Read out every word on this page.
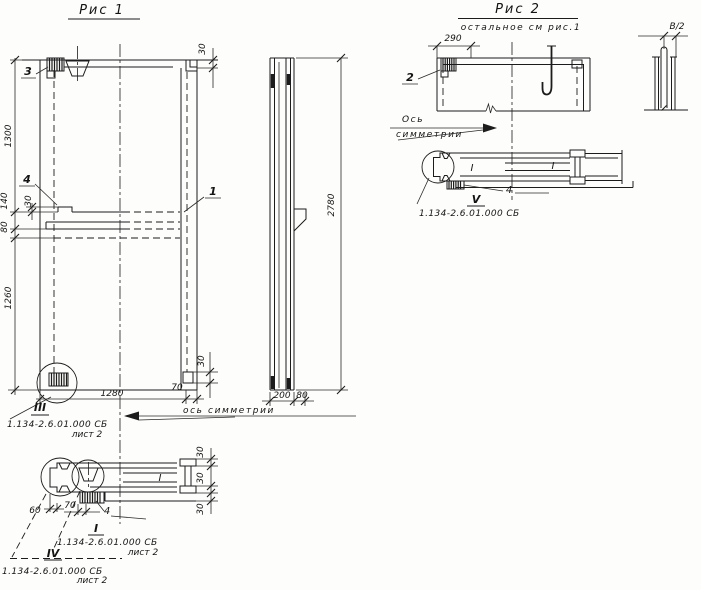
Рис 1
3
4
1
1300
140
80
1260
30
30
30
1280
70
ось симметрии
III
1.134-2.6.01.000 СБ
лист 2
I
30
30
30
60	70	4
I
1.134-2.6.01.000 СБ
лист 2
IV
1.134-2.6.01.000 СБ
лист 2
2780
200 80
Рис 2
остальное см рис.1
290
2
Ось
симметрии
I	I
4
V
1.134-2.6.01.000 СБ
В/2
